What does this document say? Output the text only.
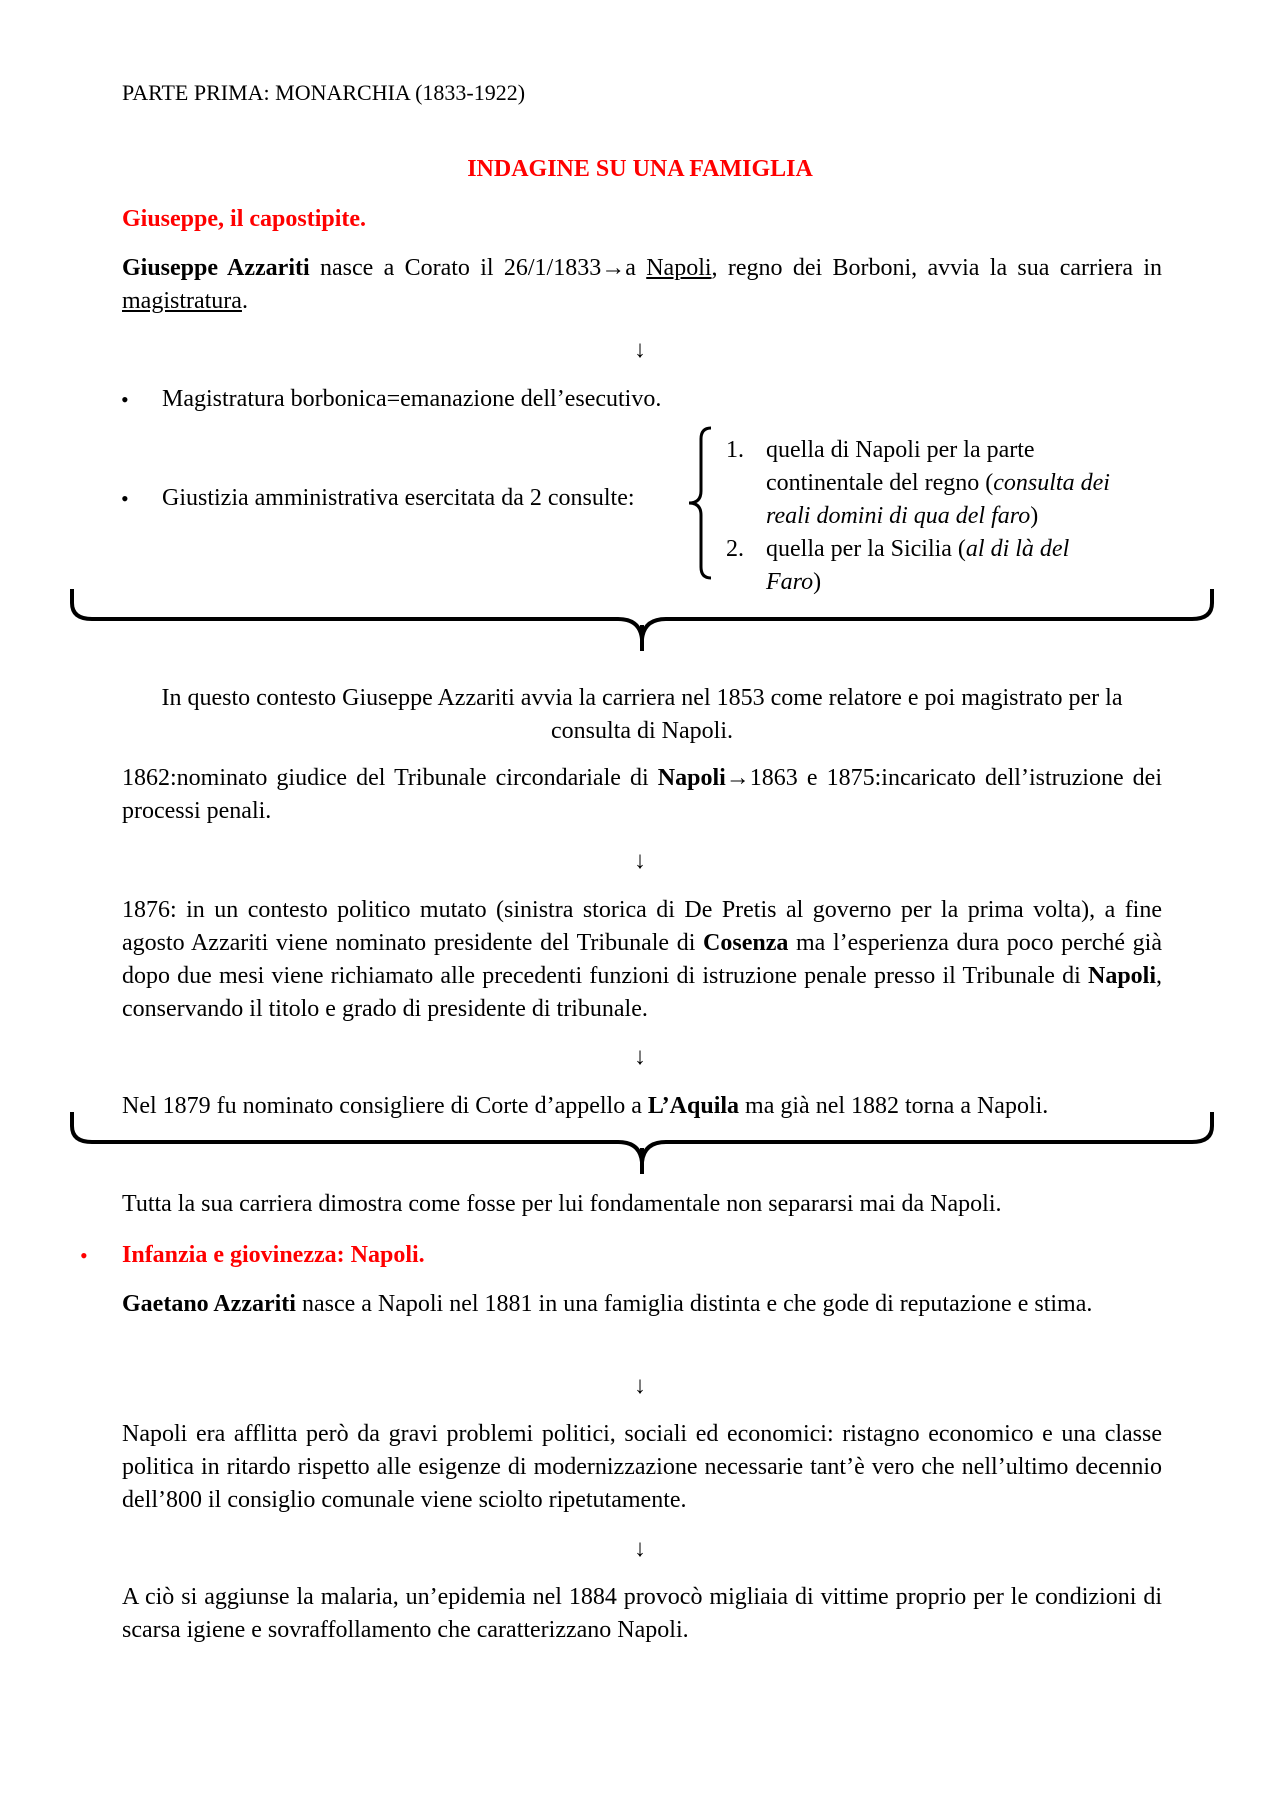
PARTE PRIMA: MONARCHIA (1833-1922)
INDAGINE SU UNA FAMIGLIA
Giuseppe, il capostipite.
Giuseppe Azzariti nasce a Corato il 26/1/1833→a Napoli, regno dei Borboni, avvia la sua carriera in magistratura.
↓
• Magistratura borbonica=emanazione dell’esecutivo.
• Giustizia amministrativa esercitata da 2 consulte:
1. quella di Napoli per la parte continentale del regno (consulta dei reali domini di qua del faro)
2. quella per la Sicilia (al di là del Faro)
In questo contesto Giuseppe Azzariti avvia la carriera nel 1853 come relatore e poi magistrato per la consulta di Napoli.
1862:nominato giudice del Tribunale circondariale di Napoli→1863 e 1875:incaricato dell’istruzione dei processi penali.
↓
1876: in un contesto politico mutato (sinistra storica di De Pretis al governo per la prima volta), a fine agosto Azzariti viene nominato presidente del Tribunale di Cosenza ma l’esperienza dura poco perché già dopo due mesi viene richiamato alle precedenti funzioni di istruzione penale presso il Tribunale di Napoli, conservando il titolo e grado di presidente di tribunale.
↓
Nel 1879 fu nominato consigliere di Corte d’appello a L’Aquila ma già nel 1882 torna a Napoli.
Tutta la sua carriera dimostra come fosse per lui fondamentale non separarsi mai da Napoli.
• Infanzia e giovinezza: Napoli.
Gaetano Azzariti nasce a Napoli nel 1881 in una famiglia distinta e che gode di reputazione e stima.
↓
Napoli era afflitta però da gravi problemi politici, sociali ed economici: ristagno economico e una classe politica in ritardo rispetto alle esigenze di modernizzazione necessarie tant’è vero che nell’ultimo decennio dell’800 il consiglio comunale viene sciolto ripetutamente.
↓
A ciò si aggiunse la malaria, un’epidemia nel 1884 provocò migliaia di vittime proprio per le condizioni di scarsa igiene e sovraffollamento che caratterizzano Napoli.
